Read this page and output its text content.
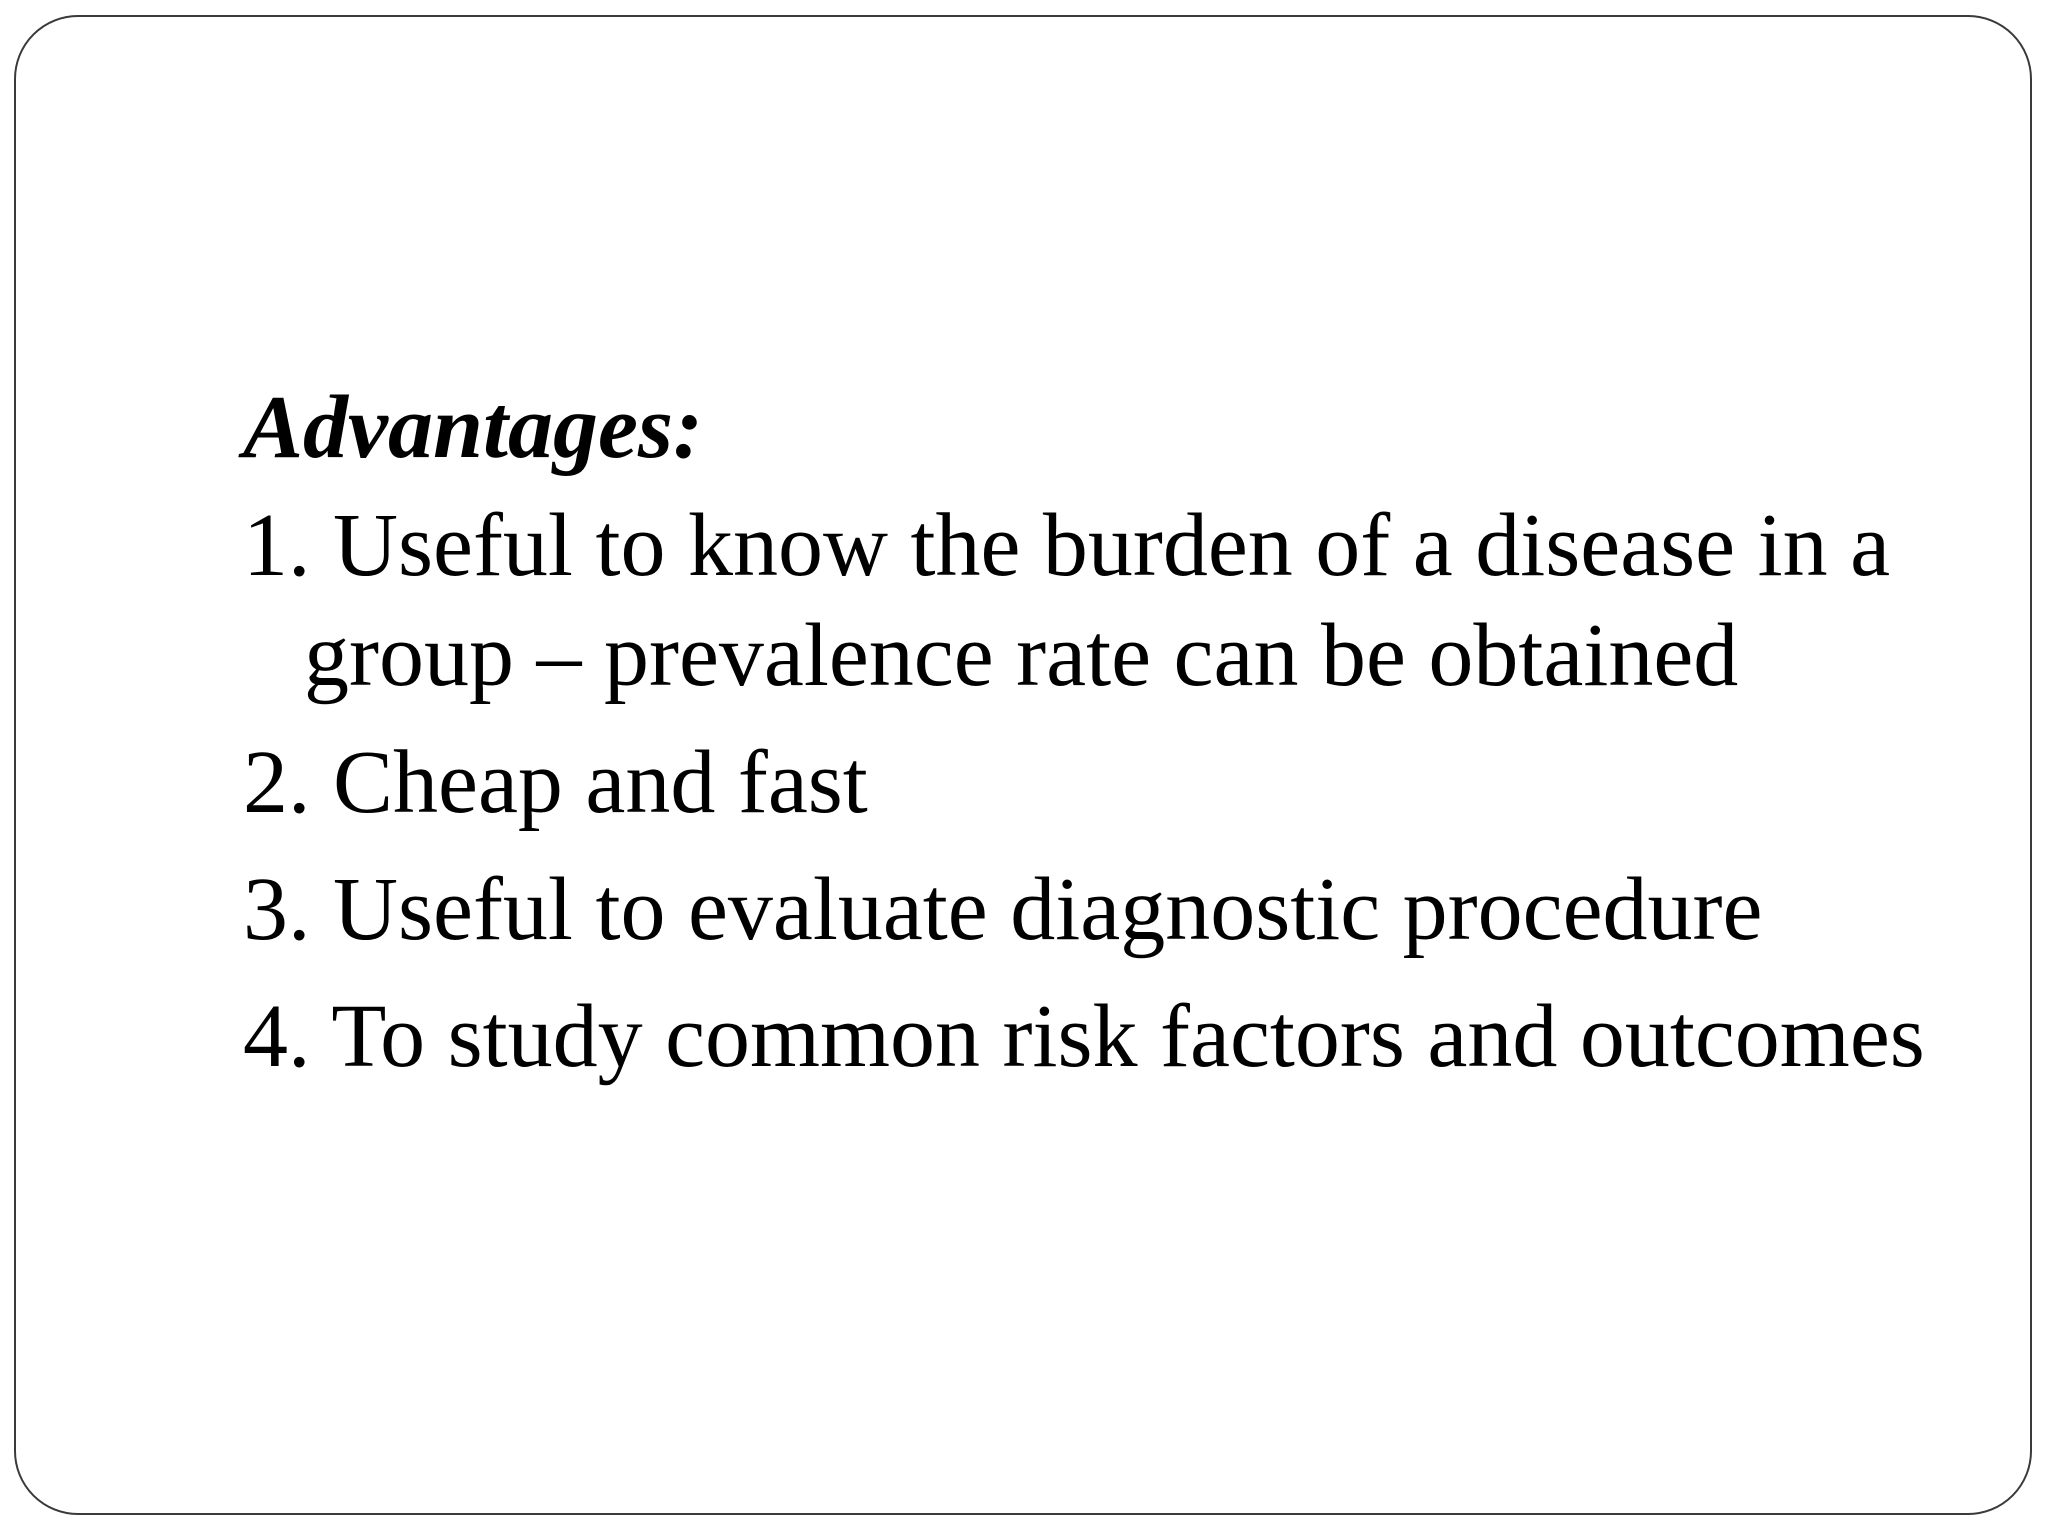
Advantages:
1. Useful to know the burden of a disease in a group – prevalence rate can be obtained
2. Cheap and fast
3. Useful to evaluate diagnostic procedure
4. To study common risk factors and outcomes
